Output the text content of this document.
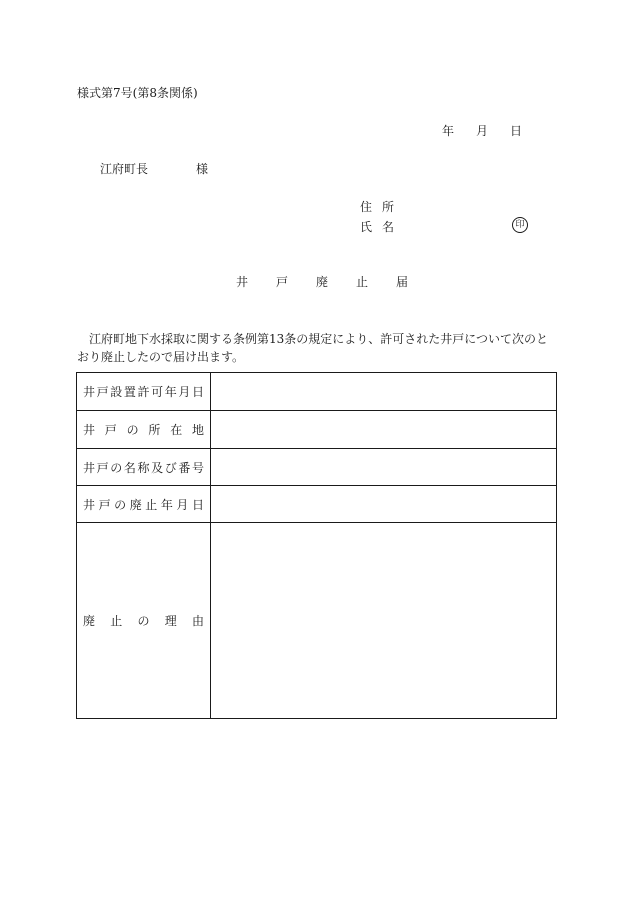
様式第7号(第8条関係)
年 月 日
江府町長	様
住所
氏名	印
井戸廃止届
江府町地下水採取に関する条例第13条の規定により、許可された井戸について次のとおり廃止したので届け出ます。
井戸設置許可年月日	
井戸の所在地	
井戸の名称及び番号	
井戸の廃止年月日	
廃止の理由	
